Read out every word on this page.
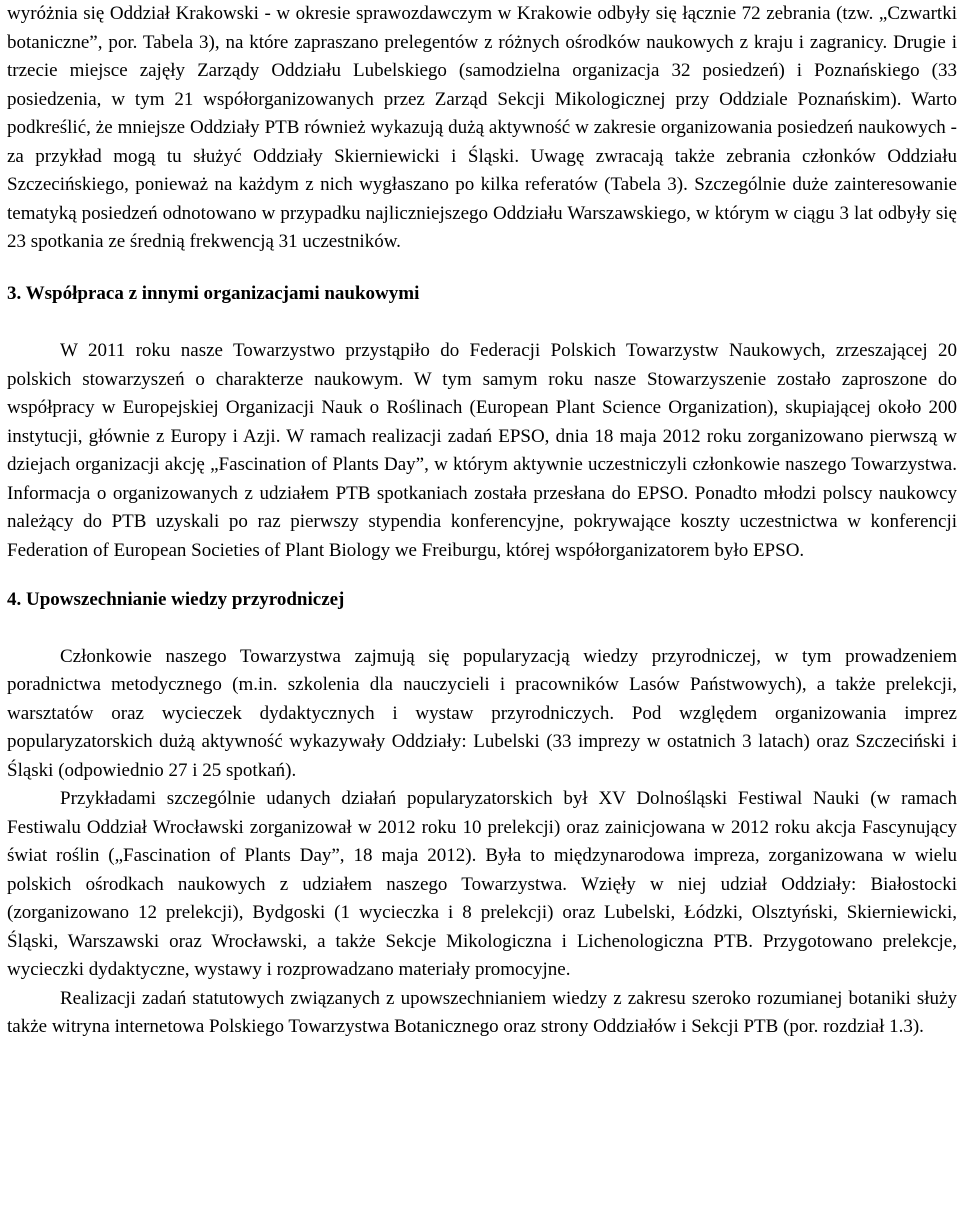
wyróżnia się Oddział Krakowski - w okresie sprawozdawczym w Krakowie odbyły się łącznie 72 zebrania (tzw. „Czwartki botaniczne”, por. Tabela 3), na które zapraszano prelegentów z różnych ośrodków naukowych z kraju i zagranicy. Drugie i trzecie miejsce zajęły Zarządy Oddziału Lubelskiego (samodzielna organizacja 32 posiedzeń) i Poznańskiego (33 posiedzenia, w tym 21 współorganizowanych przez Zarząd Sekcji Mikologicznej przy Oddziale Poznańskim). Warto podkreślić, że mniejsze Oddziały PTB również wykazują dużą aktywność w zakresie organizowania posiedzeń naukowych - za przykład mogą tu służyć Oddziały Skierniewicki i Śląski. Uwagę zwracają także zebrania członków Oddziału Szczecińskiego, ponieważ na każdym z nich wygłaszano po kilka referatów (Tabela 3). Szczególnie duże zainteresowanie tematyką posiedzeń odnotowano w przypadku najliczniejszego Oddziału Warszawskiego, w którym w ciągu 3 lat odbyły się 23 spotkania ze średnią frekwencją 31 uczestników.

3. Współpraca z innymi organizacjami naukowymi

W 2011 roku nasze Towarzystwo przystąpiło do Federacji Polskich Towarzystw Naukowych, zrzeszającej 20 polskich stowarzyszeń o charakterze naukowym. W tym samym roku nasze Stowarzyszenie zostało zaproszone do współpracy w Europejskiej Organizacji Nauk o Roślinach (European Plant Science Organization), skupiającej około 200 instytucji, głównie z Europy i Azji. W ramach realizacji zadań EPSO, dnia 18 maja 2012 roku zorganizowano pierwszą w dziejach organizacji akcję „Fascination of Plants Day”, w którym aktywnie uczestniczyli członkowie naszego Towarzystwa. Informacja o organizowanych z udziałem PTB spotkaniach została przesłana do EPSO. Ponadto młodzi polscy naukowcy należący do PTB uzyskali po raz pierwszy stypendia konferencyjne, pokrywające koszty uczestnictwa w konferencji Federation of European Societies of Plant Biology we Freiburgu, której współorganizatorem było EPSO.

4. Upowszechnianie wiedzy przyrodniczej

Członkowie naszego Towarzystwa zajmują się popularyzacją wiedzy przyrodniczej, w tym prowadzeniem poradnictwa metodycznego (m.in. szkolenia dla nauczycieli i pracowników Lasów Państwowych), a także prelekcji, warsztatów oraz wycieczek dydaktycznych i wystaw przyrodniczych. Pod względem organizowania imprez popularyzatorskich dużą aktywność wykazywały Oddziały: Lubelski (33 imprezy w ostatnich 3 latach) oraz Szczeciński i Śląski (odpowiednio 27 i 25 spotkań).

Przykładami szczególnie udanych działań popularyzatorskich był XV Dolnośląski Festiwal Nauki (w ramach Festiwalu Oddział Wrocławski zorganizował w 2012 roku 10 prelekcji) oraz zainicjowana w 2012 roku akcja Fascynujący świat roślin („Fascination of Plants Day”, 18 maja 2012). Była to międzynarodowa impreza, zorganizowana w wielu polskich ośrodkach naukowych z udziałem naszego Towarzystwa. Wzięły w niej udział Oddziały: Białostocki (zorganizowano 12 prelekcji), Bydgoski (1 wycieczka i 8 prelekcji) oraz Lubelski, Łódzki, Olsztyński, Skierniewicki, Śląski, Warszawski oraz Wrocławski, a także Sekcje Mikologiczna i Lichenologiczna PTB. Przygotowano prelekcje, wycieczki dydaktyczne, wystawy i rozprowadzano materiały promocyjne.

Realizacji zadań statutowych związanych z upowszechnianiem wiedzy z zakresu szeroko rozumianej botaniki służy także witryna internetowa Polskiego Towarzystwa Botanicznego oraz strony Oddziałów i Sekcji PTB (por. rozdział 1.3).
